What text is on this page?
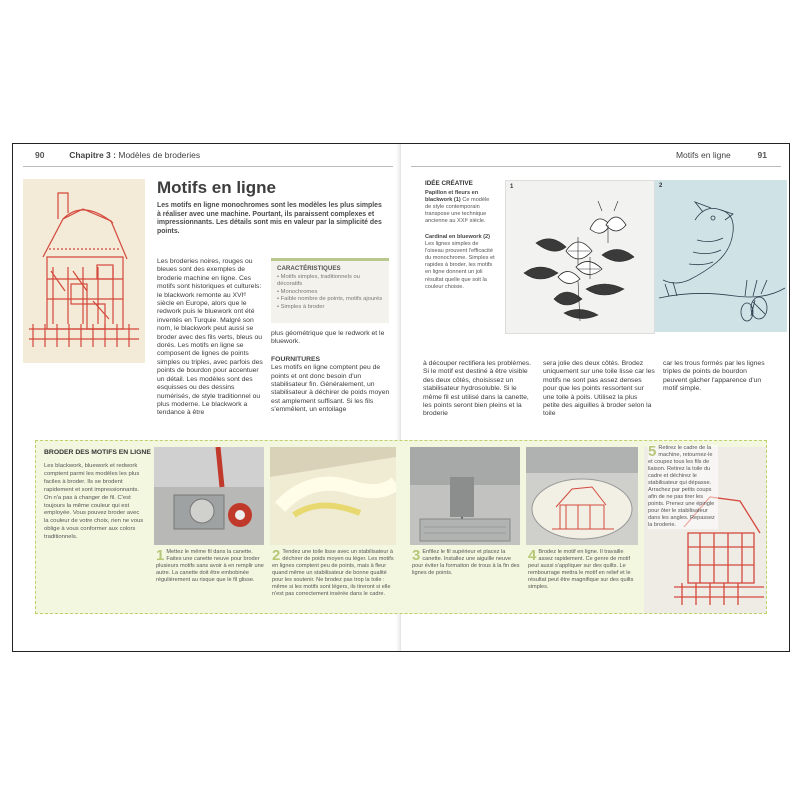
90	Chapitre 3 : Modèles de broderies
Motifs en ligne
Les motifs en ligne monochromes sont les modèles les plus simples à réaliser avec une machine. Pourtant, ils paraissent complexes et impressionnants. Les détails sont mis en valeur par la simplicité des points.

Les broderies noires, rouges ou bleues sont des exemples de broderie machine en ligne. Ces motifs sont historiques et culturels: le blackwork remonte au XVIᵉ siècle en Europe, alors que le redwork puis le bluework ont été inventés en Turquie. Malgré son nom, le blackwork peut aussi se broder avec des fils verts, bleus ou dorés. Les motifs en ligne se composent de lignes de points simples ou triples, avec parfois des points de bourdon pour accentuer un détail. Les modèles sont des esquisses ou des dessins numérisés, de style traditionnel ou plus moderne. Le blackwork a tendance à être

CARACTÉRISTIQUES
• Motifs simples, traditionnels ou décoratifs
• Monochromes
• Faible nombre de points, motifs ajourés
• Simples à broder

plus géométrique que le redwork et le bluework.

FOURNITURES

Les motifs en ligne comptent peu de points et ont donc besoin d'un stabilisateur fin. Généralement, un stabilisateur à déchirer de poids moyen est amplement suffisant. Si les fils s'emmêlent, un entoilage

Motifs en ligne	91
IDÉE CRÉATIVE
Papillon et fleurs en blackwork (1) Ce modèle de style contemporain transpose une technique ancienne au XXIᵉ siècle.
Cardinal en bluework (2) Les lignes simples de l'oiseau prouvent l'efficacité du monochrome. Simples et rapides à broder, les motifs en ligne donnent un joli résultat quelle que soit la couleur choisie.
1	2

à découper rectifiera les problèmes. Si le motif est destiné à être visible des deux côtés, choisissez un stabilisateur hydrosoluble. Si le même fil est utilisé dans la canette, les points seront bien pleins et la broderie

sera jolie des deux côtés. Brodez uniquement sur une toile lisse car les motifs ne sont pas assez denses pour que les points ressortent sur une toile à poils. Utilisez la plus petite des aiguilles à broder selon la toile

car les trous formés par les lignes triples de points de bourdon peuvent gâcher l'apparence d'un motif simple.

BRODER DES MOTIFS EN LIGNE
Les blackwork, bluework et redwork comptent parmi les modèles les plus faciles à broder. Ils se brodent rapidement et sont impressionnants. On n'a pas à changer de fil. C'est toujours la même couleur qui est employée. Vous pouvez broder avec la couleur de votre choix, rien ne vous oblige à vous conformer aux colors traditionnels.
1 Mettez le même fil dans la canette. Faites une canette neuve pour broder plusieurs motifs sans avoir à en remplir une autre. La canette doit être embobinée régulièrement au risque que le fil glisse.
2 Tendez une toile lisse avec un stabilisateur à déchirer de poids moyen ou léger. Les motifs en lignes comptent peu de points, mais à fleur quand même un stabilisateur de bonne qualité pour les soutenir. Ne brodez pas trop la toile : même si les motifs sont légers, ils tireront si elle n'est pas correctement insérée dans le cadre.
3 Enfilez le fil supérieur et placez la canette. Installez une aiguille neuve pour éviter la formation de trous à la fin des lignes de points.
4 Brodez le motif en ligne. Il travaille assez rapidement. Ce genre de motif peut aussi s'appliquer sur des quilts. Le rembourrage mettra le motif en relief et le résultat peut être magnifique sur des quilts simples.
5 Retirez le cadre de la machine, retournez-le et coupez tous les fils de liaison. Retirez la toile du cadre et déchirez le stabilisateur qui dépasse. Arrachez par petits coups afin de ne pas tirer les points. Prenez une épingle pour ôter le stabilisateur dans les angles. Repassez la broderie.
